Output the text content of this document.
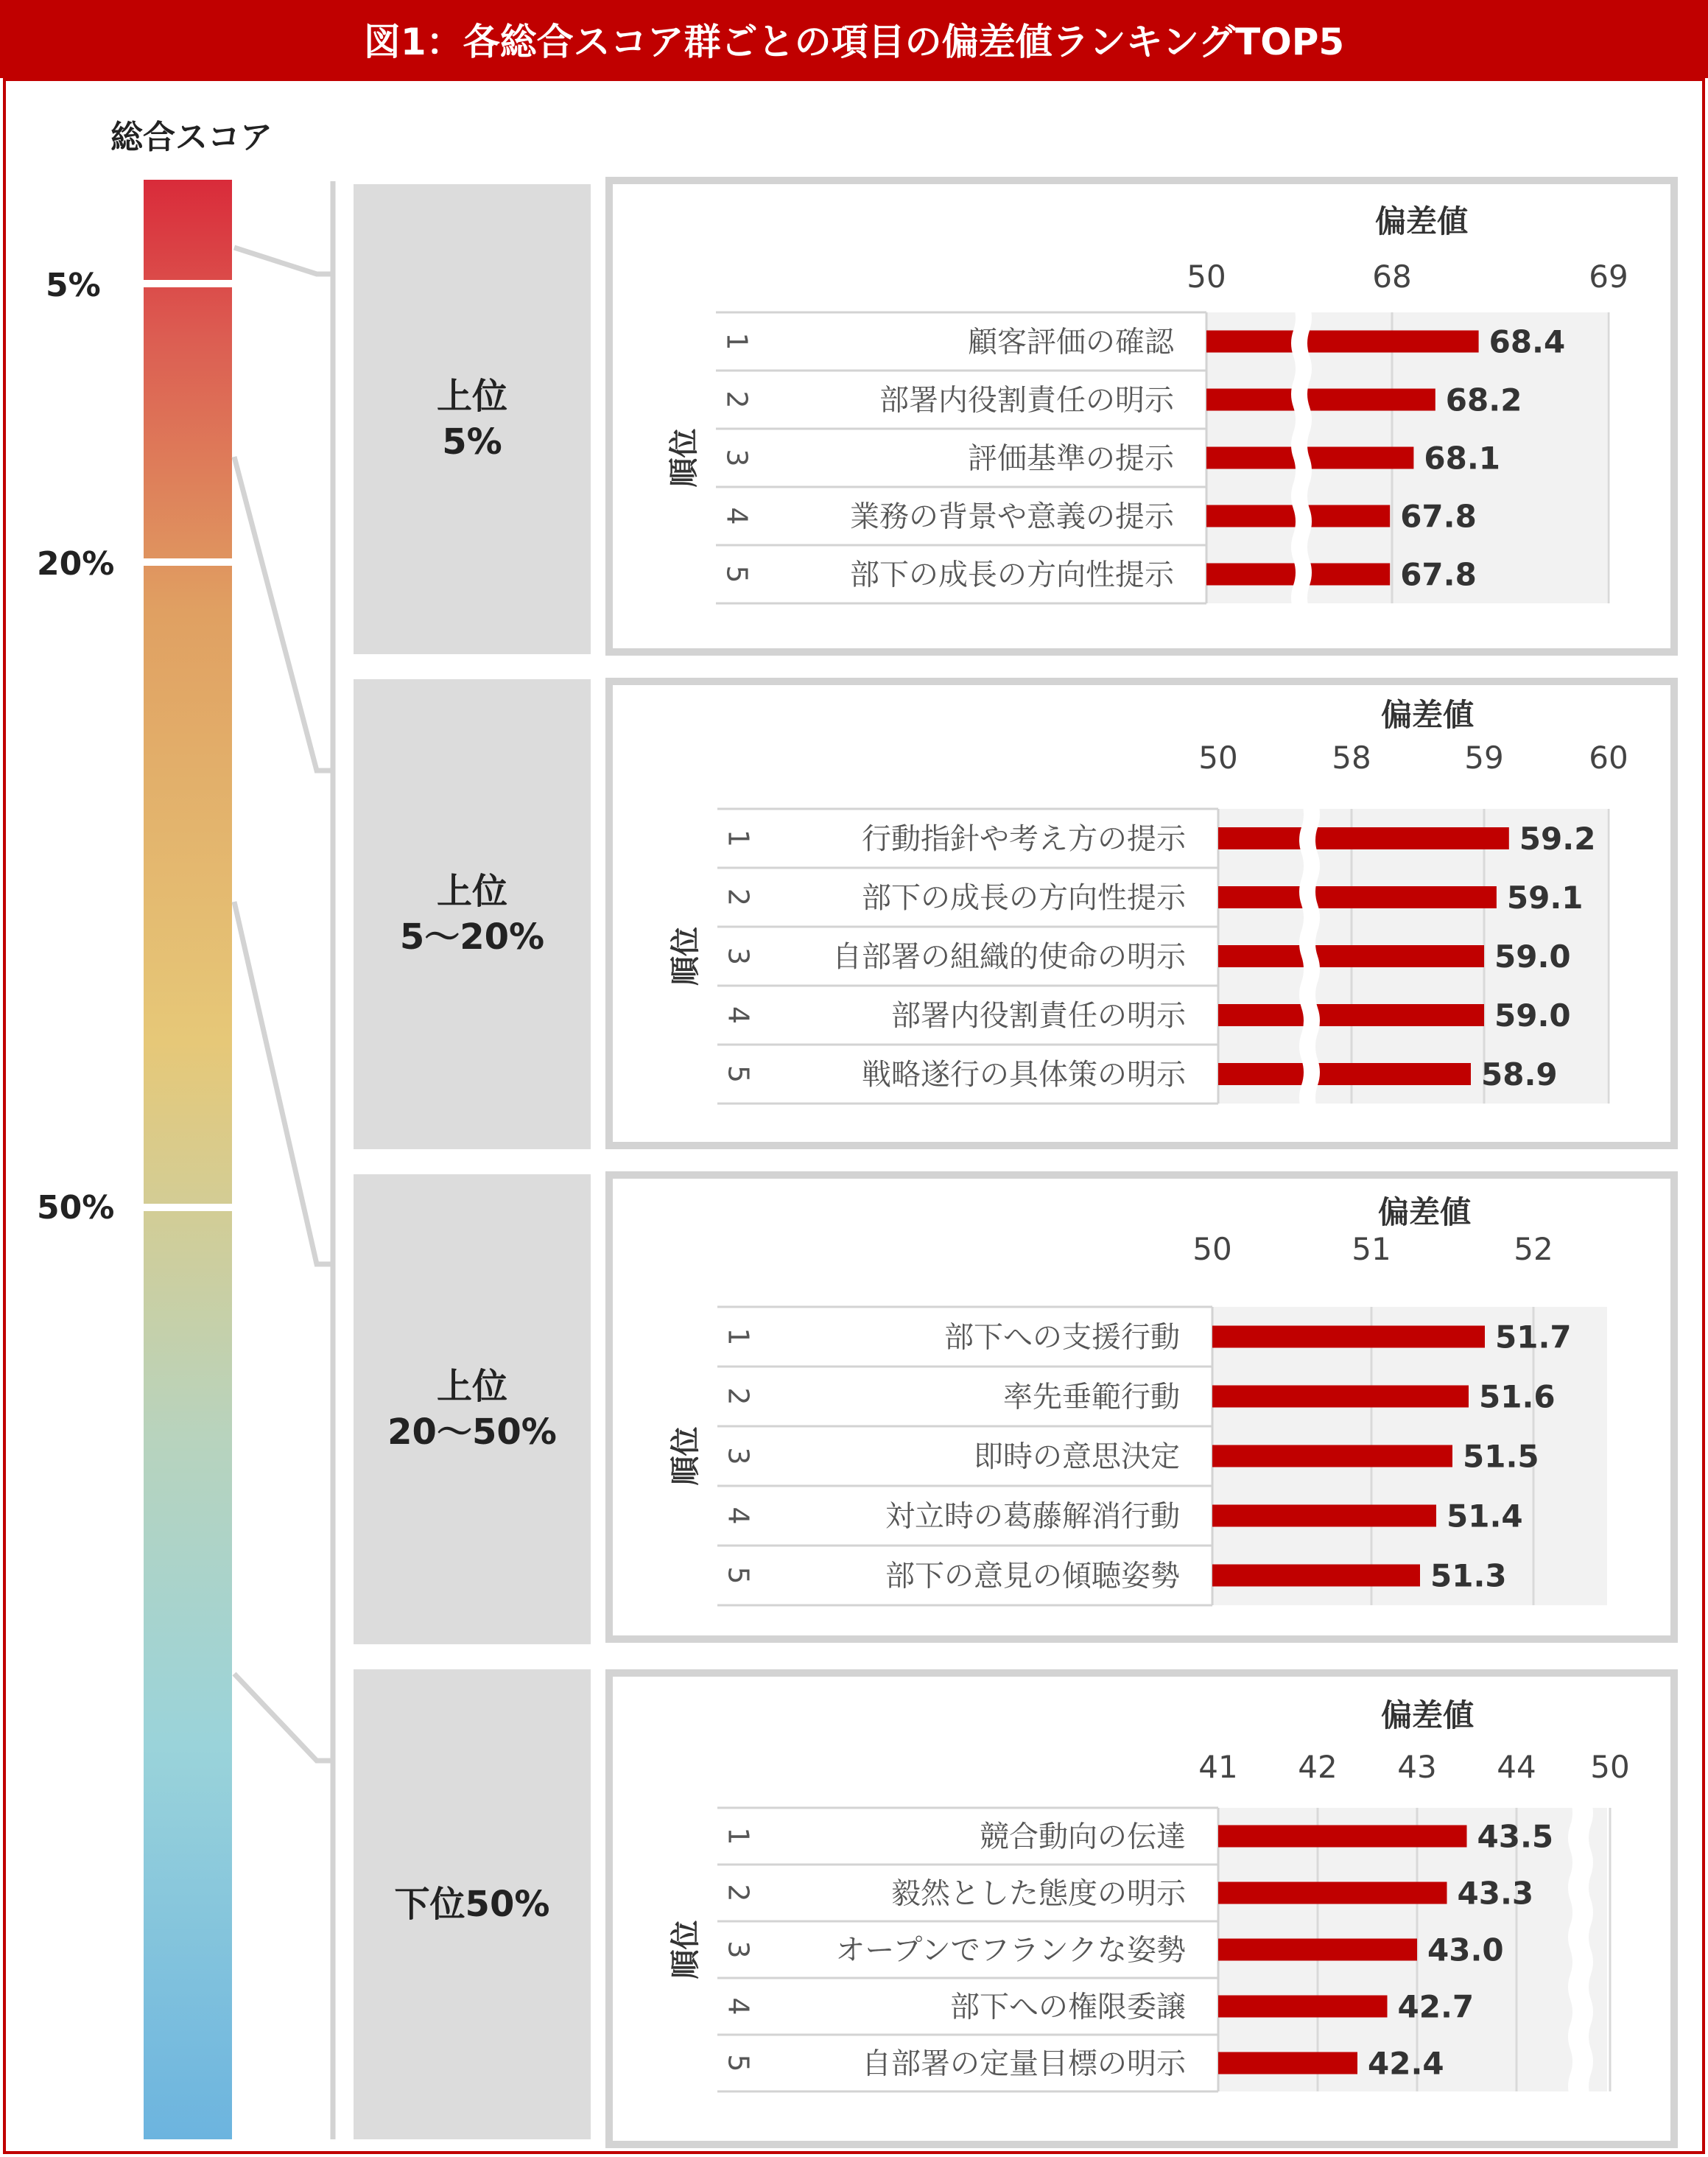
図1：各総合スコア群ごとの項目の偏差値ランキングTOP5
総合スコア
5%
20%
50%
上位
5%
上位
5～20%
上位
20～50%
下位50%
偏差値
50	68	69
順位
1	顧客評価の確認	68.4
2	部署内役割責任の明示	68.2
3	評価基準の提示	68.1
4	業務の背景や意義の提示	67.8
5	部下の成長の方向性提示	67.8
偏差値
50	58	59	60
順位
1	行動指針や考え方の提示	59.2
2	部下の成長の方向性提示	59.1
3	自部署の組織的使命の明示	59.0
4	部署内役割責任の明示	59.0
5	戦略遂行の具体策の明示	58.9
偏差値
50	51	52
順位
1	部下への支援行動	51.7
2	率先垂範行動	51.6
3	即時の意思決定	51.5
4	対立時の葛藤解消行動	51.4
5	部下の意見の傾聴姿勢	51.3
偏差値
41 42 43 44 50
順位
1	競合動向の伝達	43.5
2	毅然とした態度の明示	43.3
3	オープンでフランクな姿勢	43.0
4	部下への権限委譲	42.7
5	自部署の定量目標の明示	42.4
